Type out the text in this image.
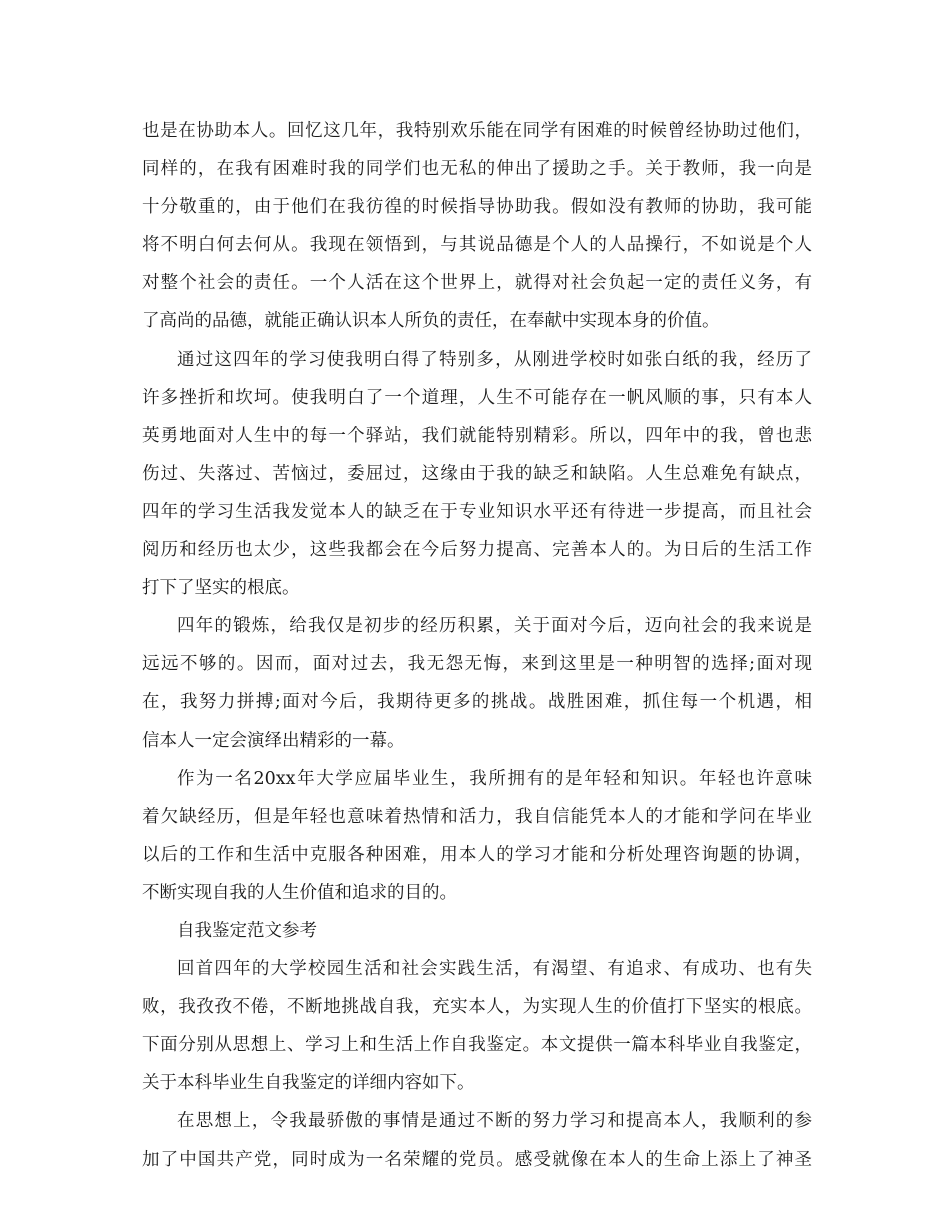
也是在协助本人。回忆这几年，我特别欢乐能在同学有困难的时候曾经协助过他们，
同样的，在我有困难时我的同学们也无私的伸出了援助之手。关于教师，我一向是
十分敬重的，由于他们在我彷徨的时候指导协助我。假如没有教师的协助，我可能
将不明白何去何从。我现在领悟到，与其说品德是个人的人品操行，不如说是个人
对整个社会的责任。一个人活在这个世界上，就得对社会负起一定的责任义务，有
了高尚的品德，就能正确认识本人所负的责任，在奉献中实现本身的价值。
通过这四年的学习使我明白得了特别多，从刚进学校时如张白纸的我，经历了
许多挫折和坎坷。使我明白了一个道理，人生不可能存在一帆风顺的事，只有本人
英勇地面对人生中的每一个驿站，我们就能特别精彩。所以，四年中的我，曾也悲
伤过、失落过、苦恼过，委屈过，这缘由于我的缺乏和缺陷。人生总难免有缺点，
四年的学习生活我发觉本人的缺乏在于专业知识水平还有待进一步提高，而且社会
阅历和经历也太少，这些我都会在今后努力提高、完善本人的。为日后的生活工作
打下了坚实的根底。
四年的锻炼，给我仅是初步的经历积累，关于面对今后，迈向社会的我来说是
远远不够的。因而，面对过去，我无怨无悔，来到这里是一种明智的选择;面对现
在，我努力拼搏;面对今后，我期待更多的挑战。战胜困难，抓住每一个机遇，相
信本人一定会演绎出精彩的一幕。
作为一名20xx年大学应届毕业生，我所拥有的是年轻和知识。年轻也许意味
着欠缺经历，但是年轻也意味着热情和活力，我自信能凭本人的才能和学问在毕业
以后的工作和生活中克服各种困难，用本人的学习才能和分析处理咨询题的协调，
不断实现自我的人生价值和追求的目的。
自我鉴定范文参考
回首四年的大学校园生活和社会实践生活，有渴望、有追求、有成功、也有失
败，我孜孜不倦，不断地挑战自我，充实本人，为实现人生的价值打下坚实的根底。
下面分别从思想上、学习上和生活上作自我鉴定。本文提供一篇本科毕业自我鉴定，
关于本科毕业生自我鉴定的详细内容如下。
在思想上，令我最骄傲的事情是通过不断的努力学习和提高本人，我顺利的参
加了中国共产党，同时成为一名荣耀的党员。感受就像在本人的生命上添上了神圣
